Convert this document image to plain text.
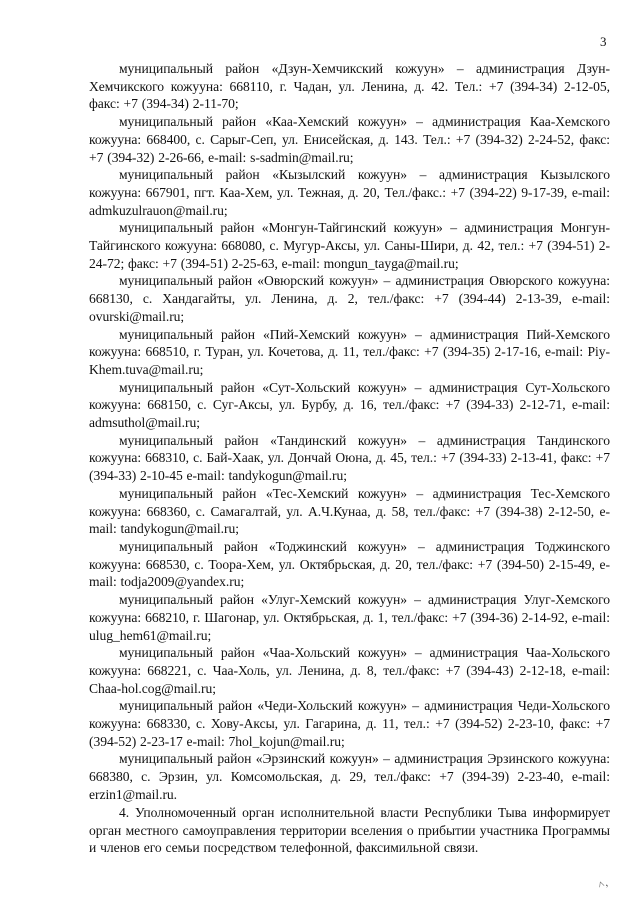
3

муниципальный район «Дзун-Хемчикский кожуун» – администрация Дзун-Хемчикского кожууна: 668110, г. Чадан, ул. Ленина, д. 42. Тел.: +7 (394-34) 2-12-05, факс: +7 (394-34) 2-11-70;

муниципальный район «Каа-Хемский кожуун» – администрация Каа-Хемского кожууна: 668400, с. Сарыг-Сеп, ул. Енисейская, д. 143. Тел.: +7 (394-32) 2-24-52, факс: +7 (394-32) 2-26-66, e-mail: s-sadmin@mail.ru;

муниципальный район «Кызылский кожуун» – администрация Кызылского кожууна: 667901, пгт. Каа-Хем, ул. Тежная, д. 20, Тел./факс.: +7 (394-22) 9-17-39, e-mail: admkuzulrauon@mail.ru;

муниципальный район «Монгун-Тайгинский кожуун» – администрация Монгун-Тайгинского кожууна: 668080, с. Мугур-Аксы, ул. Саны-Шири, д. 42, тел.: +7 (394-51) 2-24-72; факс: +7 (394-51) 2-25-63, e-mail: mongun_tayga@mail.ru;

муниципальный район «Овюрский кожуун» – администрация Овюрского кожууна: 668130, с. Хандагайты, ул. Ленина, д. 2, тел./факс: +7 (394-44) 2-13-39, e-mail: ovurski@mail.ru;

муниципальный район «Пий-Хемский кожуун» – администрация Пий-Хемского кожууна: 668510, г. Туран, ул. Кочетова, д. 11, тел./факс: +7 (394-35) 2-17-16, e-mail: Piy-Khem.tuva@mail.ru;

муниципальный район «Сут-Хольский кожуун» – администрация Сут-Хольского кожууна: 668150, с. Суг-Аксы, ул. Бурбу, д. 16, тел./факс: +7 (394-33) 2-12-71, e-mail: admsuthol@mail.ru;

муниципальный район «Тандинский кожуун» – администрация Тандинского кожууна: 668310, с. Бай-Хаак, ул. Дончай Оюна, д. 45, тел.: +7 (394-33) 2-13-41, факс: +7 (394-33) 2-10-45 e-mail: tandykogun@mail.ru;

муниципальный район «Тес-Хемский кожуун» – администрация Тес-Хемского кожууна: 668360, с. Самагалтай, ул. А.Ч.Кунаа, д. 58, тел./факс: +7 (394-38) 2-12-50, e-mail: tandykogun@mail.ru;

муниципальный район «Тоджинский кожуун» – администрация Тоджинского кожууна: 668530, с. Тоора-Хем, ул. Октябрьская, д. 20, тел./факс: +7 (394-50) 2-15-49, e-mail: todja2009@yandex.ru;

муниципальный район «Улуг-Хемский кожуун» – администрация Улуг-Хемского кожууна: 668210, г. Шагонар, ул. Октябрьская, д. 1, тел./факс: +7 (394-36) 2-14-92, e-mail: ulug_hem61@mail.ru;

муниципальный район «Чаа-Хольский кожуун» – администрация Чаа-Хольского кожууна: 668221, с. Чаа-Холь, ул. Ленина, д. 8, тел./факс: +7 (394-43) 2-12-18, e-mail: Chaa-hol.cog@mail.ru;

муниципальный район «Чеди-Хольский кожуун» – администрация Чеди-Хольского кожууна: 668330, с. Хову-Аксы, ул. Гагарина, д. 11, тел.: +7 (394-52) 2-23-10, факс: +7 (394-52) 2-23-17 e-mail: 7hol_kojun@mail.ru;

муниципальный район «Эрзинский кожуун» – администрация Эрзинского кожууна: 668380, с. Эрзин, ул. Комсомольская, д. 29, тел./факс: +7 (394-39) 2-23-40, e-mail: erzin1@mail.ru.

4. Уполномоченный орган исполнительной власти Республики Тыва информирует орган местного самоуправления территории вселения о прибытии участника Программы и членов его семьи посредством телефонной, факсимильной связи.

˄‚
